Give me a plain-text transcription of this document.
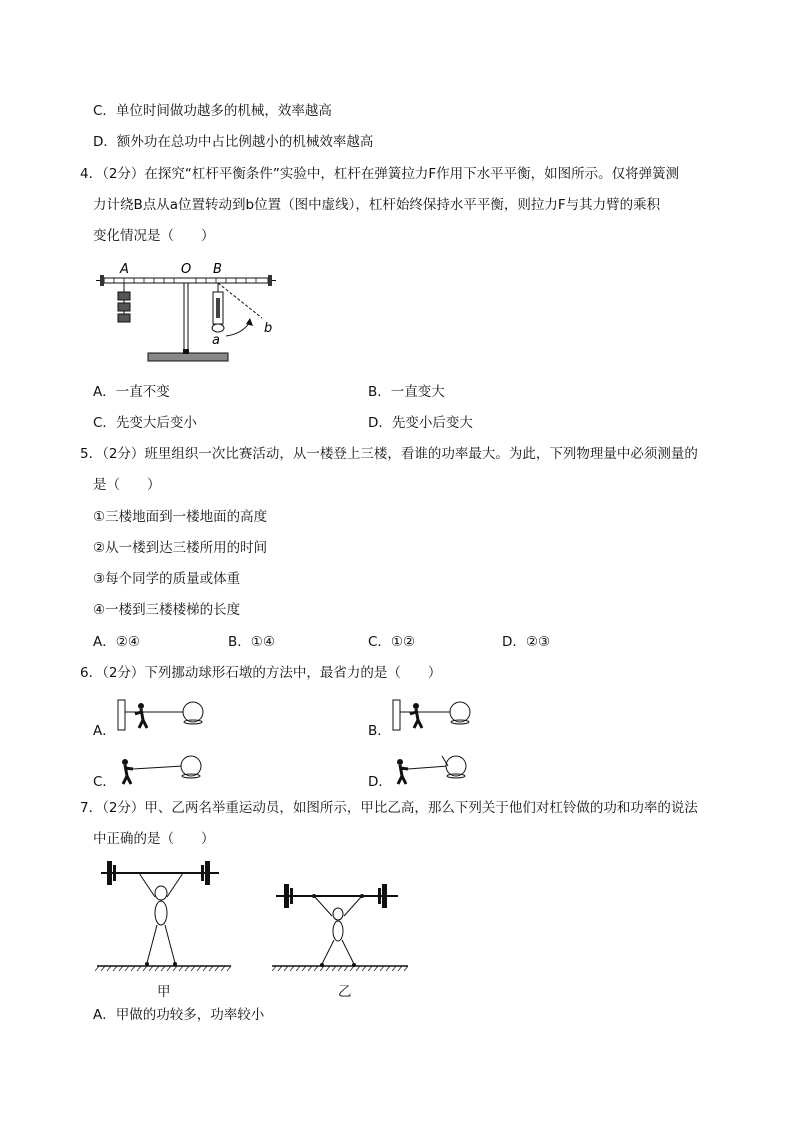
C．单位时间做功越多的机械，效率越高
D．额外功在总功中占比例越小的机械效率越高
4．（2分）在探究“杠杆平衡条件”实验中，杠杆在弹簧拉力F作用下水平平衡，如图所示。仅将弹簧测
力计绕B点从a位置转动到b位置（图中虚线），杠杆始终保持水平平衡，则拉力F与其力臂的乘积
变化情况是（　　）
A	O B
a
b
A．一直不变	B．一直变大
C．先变大后变小	D．先变小后变大
5．（2分）班里组织一次比赛活动，从一楼登上三楼，看谁的功率最大。为此，下列物理量中必须测量的
是（　　）
①三楼地面到一楼地面的高度
②从一楼到达三楼所用的时间
③每个同学的质量或体重
④一楼到三楼楼梯的长度
A．②④	B．①④	C．①②	D．②③
6．（2分）下列挪动球形石墩的方法中，最省力的是（　　）
A．	B．
C．	D．
7．（2分）甲、乙两名举重运动员，如图所示，甲比乙高，那么下列关于他们对杠铃做的功和功率的说法
中正确的是（　　）
甲	乙
A．甲做的功较多，功率较小
